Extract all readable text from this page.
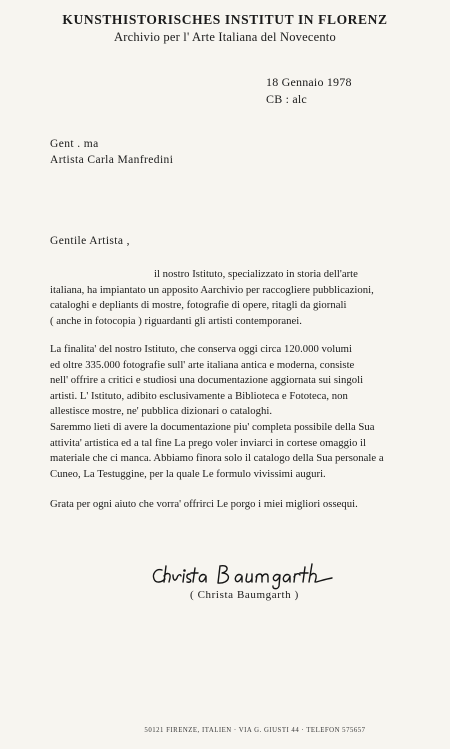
KUNSTHISTORISCHES INSTITUT IN FLORENZ
Archivio per l' Arte Italiana del Novecento
18 Gennaio 1978
CB : alc
Gent . ma
Artista Carla Manfredini
Gentile Artista ,
il nostro Istituto, specializzato in storia dell'arte
italiana, ha impiantato un apposito Aarchivio per raccogliere pubblicazioni,
cataloghi e depliants di mostre, fotografie di opere, ritagli da giornali
( anche in fotocopia ) riguardanti gli artisti contemporanei.
La finalita' del nostro Istituto, che conserva oggi circa 120.000 volumi
ed oltre 335.000 fotografie sull' arte italiana antica e moderna, consiste
nell' offrire a critici e studiosi una documentazione aggiornata sui singoli
artisti. L' Istituto, adibito esclusivamente a Biblioteca e Fototeca, non
allestisce mostre, ne' pubblica dizionari o cataloghi.
Saremmo lieti di avere la documentazione piu' completa possibile della Sua
attivita' artistica ed a tal fine La prego voler inviarci in cortese omaggio il
materiale che ci manca. Abbiamo finora solo il catalogo della Sua personale a
Cuneo, La Testuggine, per la quale Le formulo vivissimi auguri.
Grata per ogni aiuto che vorra' offrirci Le porgo i miei migliori ossequi.
( Christa Baumgarth )
50121 FIRENZE, ITALIEN · VIA G. GIUSTI 44 · TELEFON 575657
